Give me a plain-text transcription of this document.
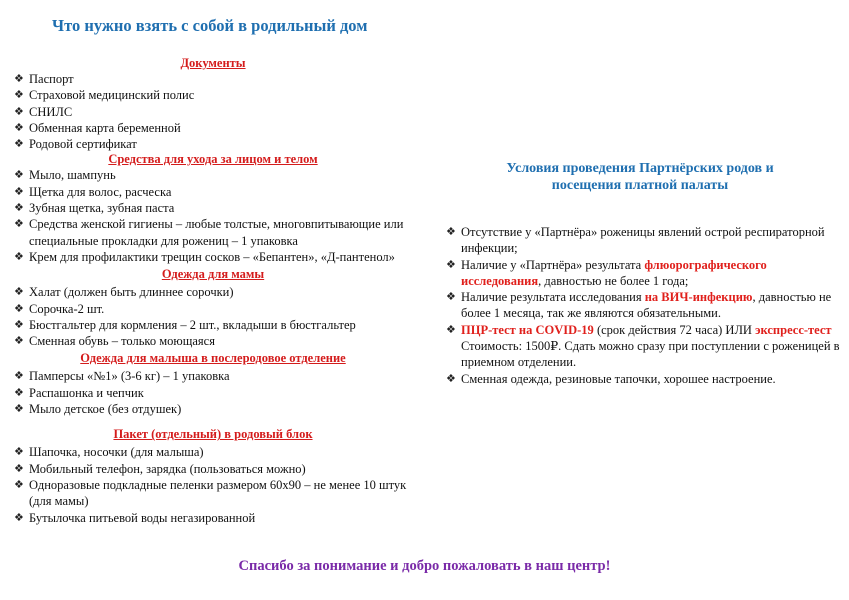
Что нужно взять с собой в родильный дом
Документы
❖ Паспорт
❖ Страховой медицинский полис
❖ СНИЛС
❖ Обменная карта беременной
❖ Родовой сертификат
Средства для ухода за лицом и телом
❖ Мыло, шампунь
❖ Щетка для волос, расческа
❖ Зубная щетка, зубная паста
❖ Средства женской гигиены – любые толстые, многовпитывающие или специальные прокладки для рожениц – 1 упаковка
❖ Крем для профилактики трещин сосков – «Бепантен», «Д-пантенол»
Одежда для мамы
❖ Халат (должен быть длиннее сорочки)
❖ Сорочка-2 шт.
❖ Бюстгальтер для кормления – 2 шт., вкладыши в бюстгальтер
❖ Сменная обувь – только моющаяся
Одежда для малыша в послеродовое отделение
❖ Памперсы «№1» (3-6 кг) – 1 упаковка
❖ Распашонка и чепчик
❖ Мыло детское (без отдушек)
Пакет (отдельный) в родовый блок
❖ Шапочка, носочки (для малыша)
❖ Мобильный телефон, зарядка (пользоваться можно)
❖ Одноразовые подкладные пеленки размером 60х90 – не менее 10 штук (для мамы)
❖ Бутылочка питьевой воды негазированной
Условия проведения Партнёрских родов и
посещения платной палаты
❖ Отсутствие у «Партнёра» роженицы явлений острой респираторной инфекции;
❖ Наличие у «Партнёра» результата флюорографического исследования, давностью не более 1 года;
❖ Наличие результата исследования на ВИЧ-инфекцию, давностью не более 1 месяца, так же являются обязательными.
❖ ПЦР-тест на COVID-19 (срок действия 72 часа) ИЛИ экспресс-тест Стоимость: 1500₽. Сдать можно сразу при поступлении с роженицей в приемном отделении.
❖ Сменная одежда, резиновые тапочки, хорошее настроение.
Спасибо за понимание и добро пожаловать в наш центр!
